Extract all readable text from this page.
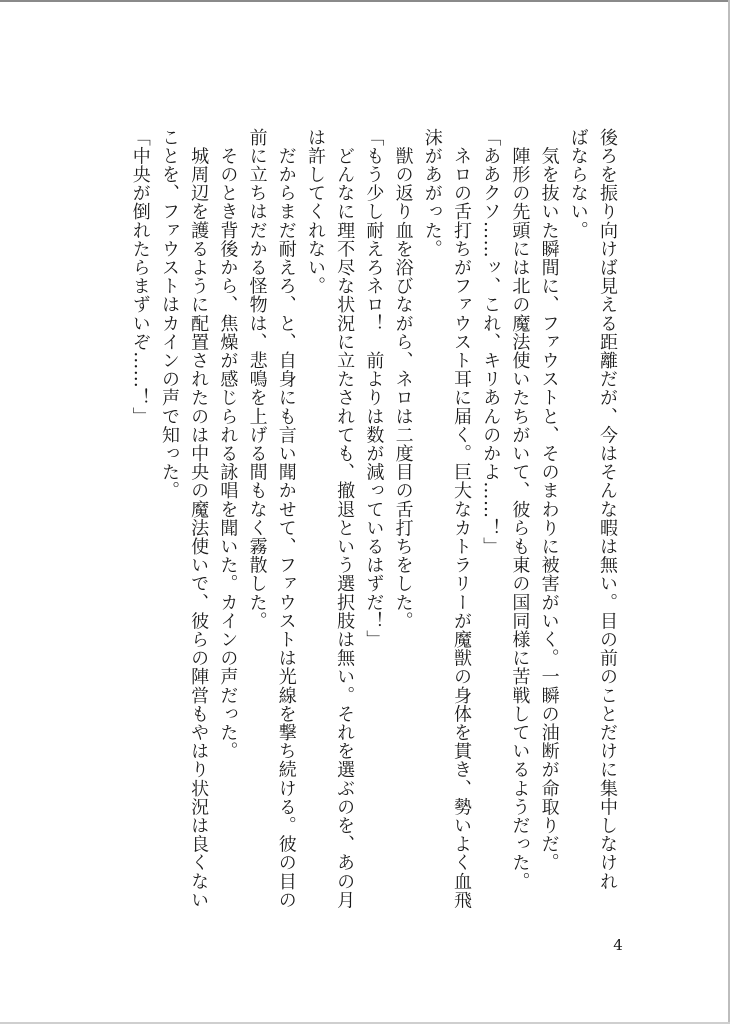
後ろを振り向けば見える距離だが、今はそんな暇は無い。目の前のことだけに集中しなけれ

ばならない。

　気を抜いた瞬間に、ファウストと、そのまわりに被害がいく。一瞬の油断が命取りだ。

　陣形の先頭には北の魔法使いたちがいて、彼らも東の国同様に苦戦しているようだった。

「ああクソ……ッ、これ、キリあんのかよ……！」

　ネロの舌打ちがファウスト耳に届く。巨大なカトラリーが魔獣の身体を貫き、勢いよく血飛

沫があがった。

　獣の返り血を浴びながら、ネロは二度目の舌打ちをした。

「もう少し耐えろネロ！　前よりは数が減っているはずだ！」

　どんなに理不尽な状況に立たされても、撤退という選択肢は無い。それを選ぶのを、あの月

は許してくれない。

　だからまだ耐えろ、と、自身にも言い聞かせて、ファウストは光線を撃ち続ける。彼の目の

前に立ちはだかる怪物は、悲鳴を上げる間もなく霧散した。

　そのとき背後から、焦燥が感じられる詠唱を聞いた。カインの声だった。

　城周辺を護るように配置されたのは中央の魔法使いで、彼らの陣営もやはり状況は良くない

ことを、ファウストはカインの声で知った。

「中央が倒れたらまずいぞ……！」

4
